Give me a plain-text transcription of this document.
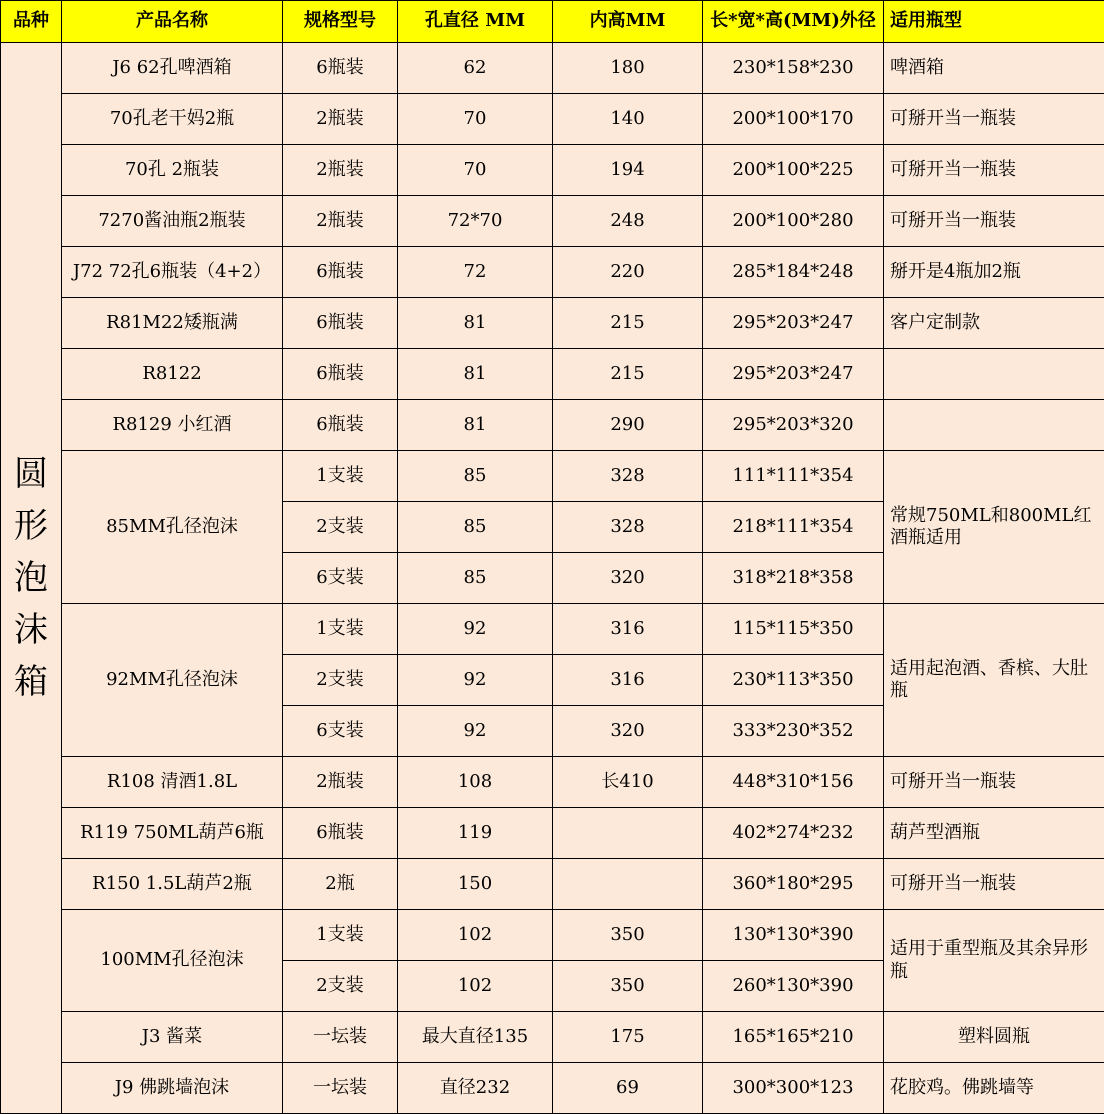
品种	产品名称	规格型号	孔直径 MM	内高MM	长*宽*高(MM)外径	适用瓶型

圆
形
泡
沫
箱	J6 62孔啤酒箱	6瓶装	62	180	230*158*230	啤酒箱
	70孔老干妈2瓶	2瓶装	70	140	200*100*170	可掰开当一瓶装
	70孔 2瓶装	2瓶装	70	194	200*100*225	可掰开当一瓶装
	7270酱油瓶2瓶装	2瓶装	72*70	248	200*100*280	可掰开当一瓶装
	J72 72孔6瓶装（4+2）	6瓶装	72	220	285*184*248	掰开是4瓶加2瓶
	R81M22矮瓶满	6瓶装	81	215	295*203*247	客户定制款
	R8122	6瓶装	81	215	295*203*247	
	R8129 小红酒	6瓶装	81	290	295*203*320	
	85MM孔径泡沫	1支装	85	328	111*111*354	常规750ML和800ML红酒瓶适用
		2支装	85	328	218*111*354	
		6支装	85	320	318*218*358	
	92MM孔径泡沫	1支装	92	316	115*115*350	适用起泡酒、香槟、大肚瓶
		2支装	92	316	230*113*350	
		6支装	92	320	333*230*352	
	R108 清酒1.8L	2瓶装	108	长410	448*310*156	可掰开当一瓶装
	R119 750ML葫芦6瓶	6瓶装	119		402*274*232	葫芦型酒瓶
	R150 1.5L葫芦2瓶	2瓶	150		360*180*295	可掰开当一瓶装
	100MM孔径泡沫	1支装	102	350	130*130*390	适用于重型瓶及其余异形瓶
		2支装	102	350	260*130*390	
	J3 酱菜	一坛装	最大直径135	175	165*165*210	塑料圆瓶
	J9 佛跳墙泡沫	一坛装	直径232	69	300*300*123	花胶鸡。佛跳墙等
